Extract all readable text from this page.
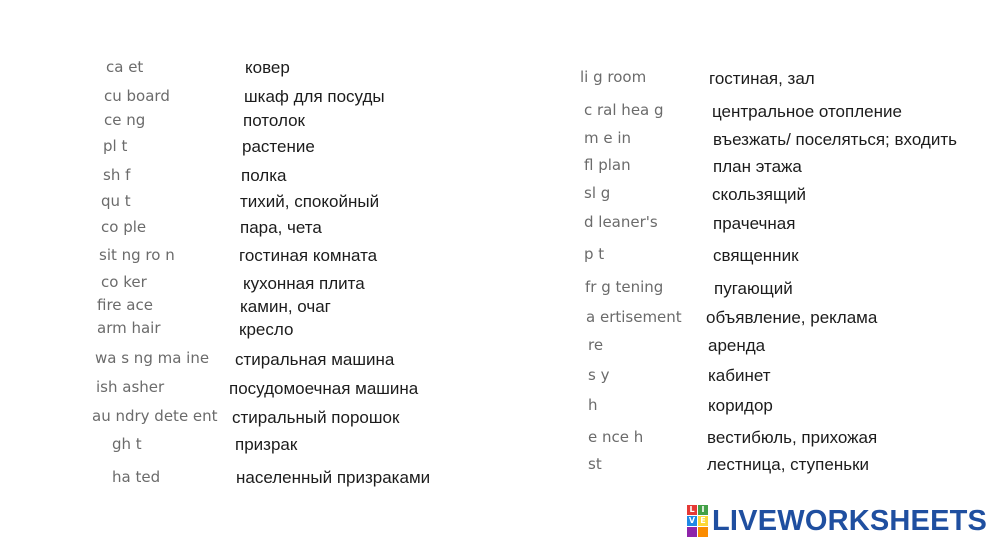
ca et	ковер
cu board	шкаф для посуды
ce ng	потолок
pl t	растение
sh f	полка
qu t	тихий, спокойный
co ple	пара, чета
sit ng ro n	гостиная комната
co ker	кухонная плита
fire ace	камин, очаг
arm hair	кресло
wa s ng ma ine стиральная машина
ish asher	посудомоечная машина
au ndry dete ent стиральный порошок
gh t	призрак
ha ted	населенный призраками
li g room	гостиная, зал
c ral hea g	центральное отопление
m e in	въезжать/ поселяться; входить
fl plan	план этажа
sl g	скользящий
d leaner's	прачечная
p t	священник
fr g tening	пугающий
a ertisement объявление, реклама
re	аренда
s y	кабинет
h	коридор
e nce h	вестибюль, прихожая
st	лестница, ступеньки
L I
V E LIVEWORKSHEETS
